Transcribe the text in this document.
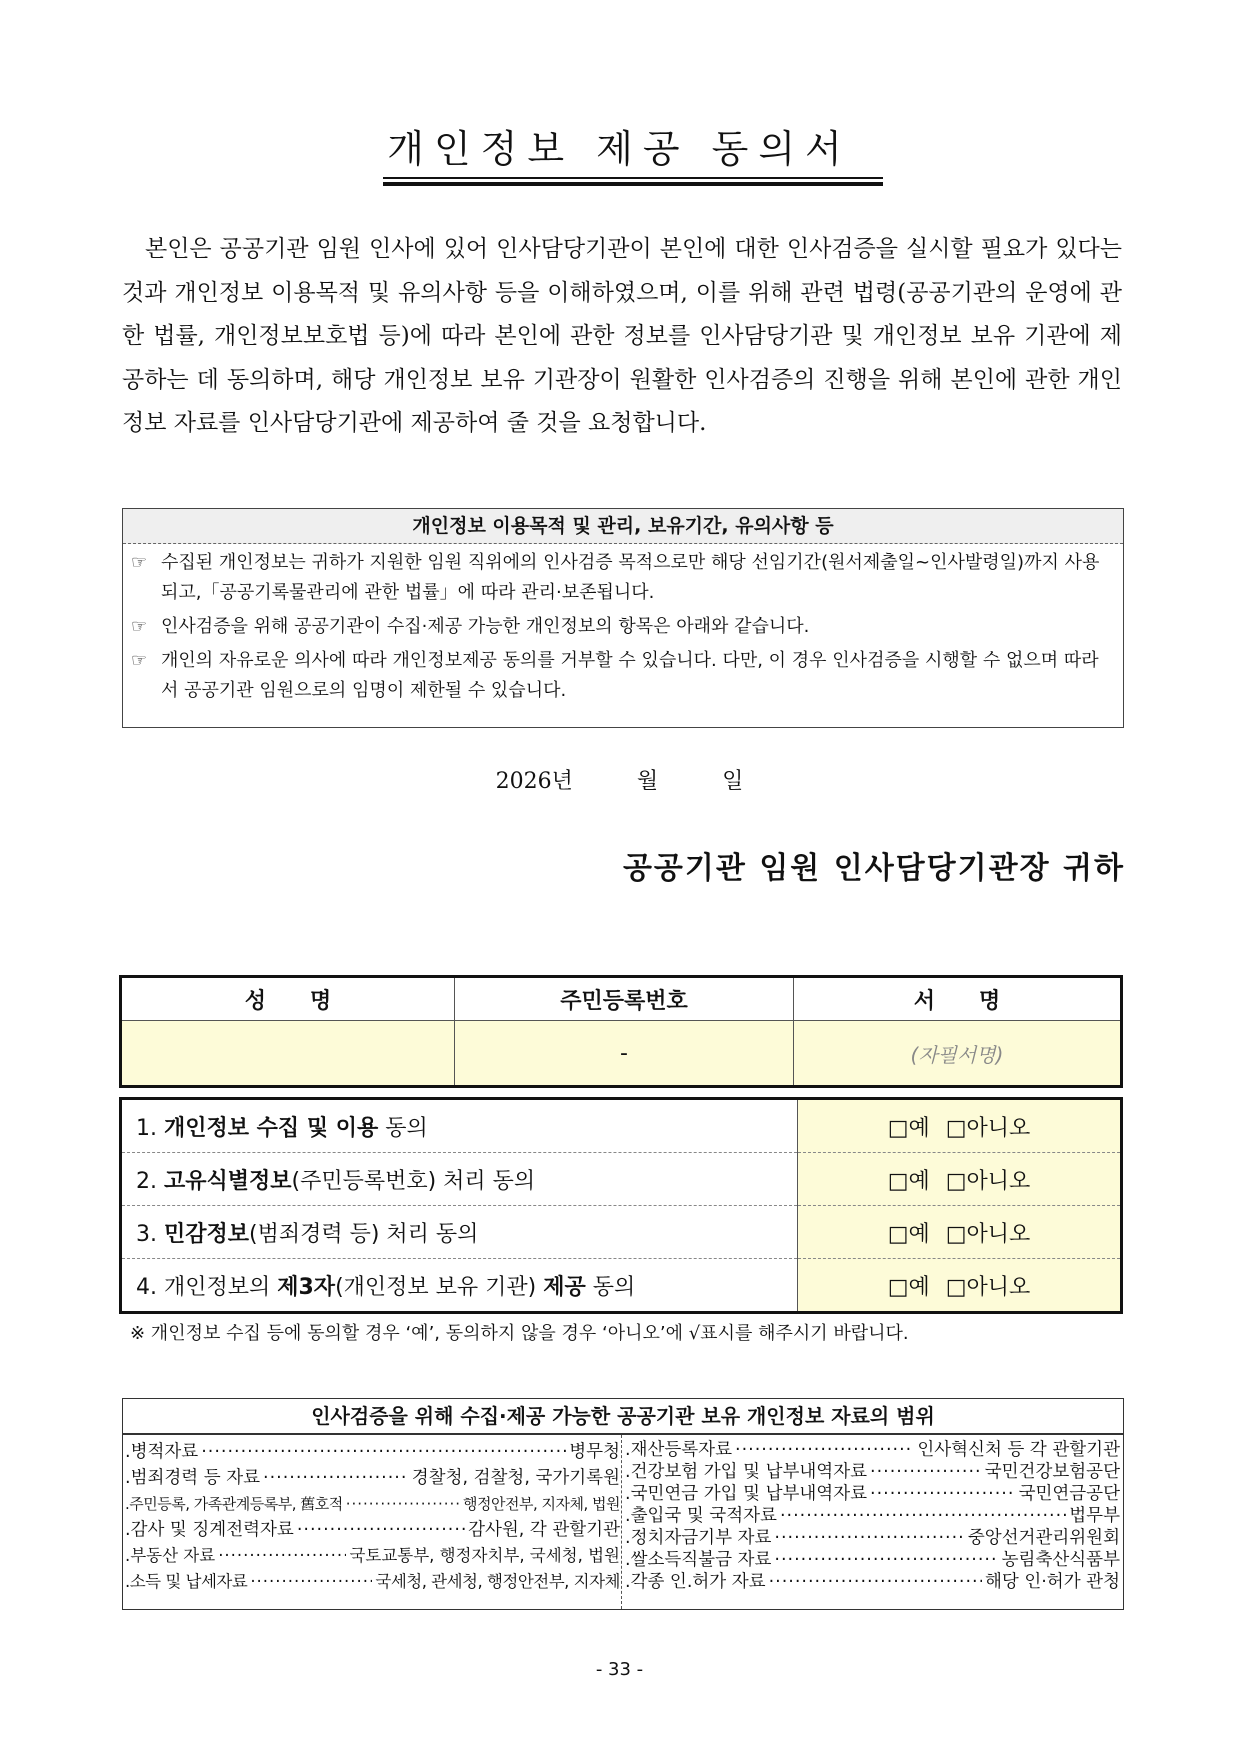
개인정보 제공 동의서
본인은 공공기관 임원 인사에 있어 인사담당기관이 본인에 대한 인사검증을 실시할 필요가 있다는 것과 개인정보 이용목적 및 유의사항 등을 이해하였으며, 이를 위해 관련 법령(공공기관의 운영에 관한 법률, 개인정보보호법 등)에 따라 본인에 관한 정보를 인사담당기관 및 개인정보 보유 기관에 제공하는 데 동의하며, 해당 개인정보 보유 기관장이 원활한 인사검증의 진행을 위해 본인에 관한 개인정보 자료를 인사담당기관에 제공하여 줄 것을 요청합니다.
개인정보 이용목적 및 관리, 보유기간, 유의사항 등
☞ 수집된 개인정보는 귀하가 지원한 임원 직위에의 인사검증 목적으로만 해당 선임기간(원서제출일~인사발령일)까지 사용되고,「공공기록물관리에 관한 법률」에 따라 관리·보존됩니다.
☞ 인사검증을 위해 공공기관이 수집·제공 가능한 개인정보의 항목은 아래와 같습니다.
☞ 개인의 자유로운 의사에 따라 개인정보제공 동의를 거부할 수 있습니다. 다만, 이 경우 인사검증을 시행할 수 없으며 따라서 공공기관 임원으로의 임명이 제한될 수 있습니다.
2026년	월	일
공공기관 임원 인사담당기관장 귀하
성　　명	주민등록번호	서　　명
	-	(자필서명)
1. 개인정보 수집 및 이용 동의	□예 □아니오
2. 고유식별정보(주민등록번호) 처리 동의	□예 □아니오
3. 민감정보(범죄경력 등) 처리 동의	□예 □아니오
4. 개인정보의 제3자(개인정보 보유 기관) 제공 동의	□예 □아니오
※ 개인정보 수집 등에 동의할 경우 ‘예’, 동의하지 않을 경우 ‘아니오’에 √표시를 해주시기 바랍니다.
인사검증을 위해 수집·제공 가능한 공공기관 보유 개인정보 자료의 범위
.병적자료 ·····	병무청
.범죄경력 등 자료 ·····	경찰청, 검찰청, 국가기록원
.주민등록, 가족관계등록부, 舊호적 ·····	행정안전부, 지자체, 법원
.감사 및 징계전력자료 ·····	감사원, 각 관할기관
.부동산 자료 ·····	국토교통부, 행정자치부, 국세청, 법원
.소득 및 납세자료 ·····	국세청, 관세청, 행정안전부, 지자체
.재산등록자료 ·····	인사혁신처 등 각 관할기관
.건강보험 가입 및 납부내역자료 ·····	국민건강보험공단
.국민연금 가입 및 납부내역자료 ·····	국민연금공단
.출입국 및 국적자료 ·····	법무부
.정치자금기부 자료 ·····	중앙선거관리위원회
.쌀소득직불금 자료 ·····	농림축산식품부
.각종 인.허가 자료 ·····	해당 인·허가 관청
- 33 -
